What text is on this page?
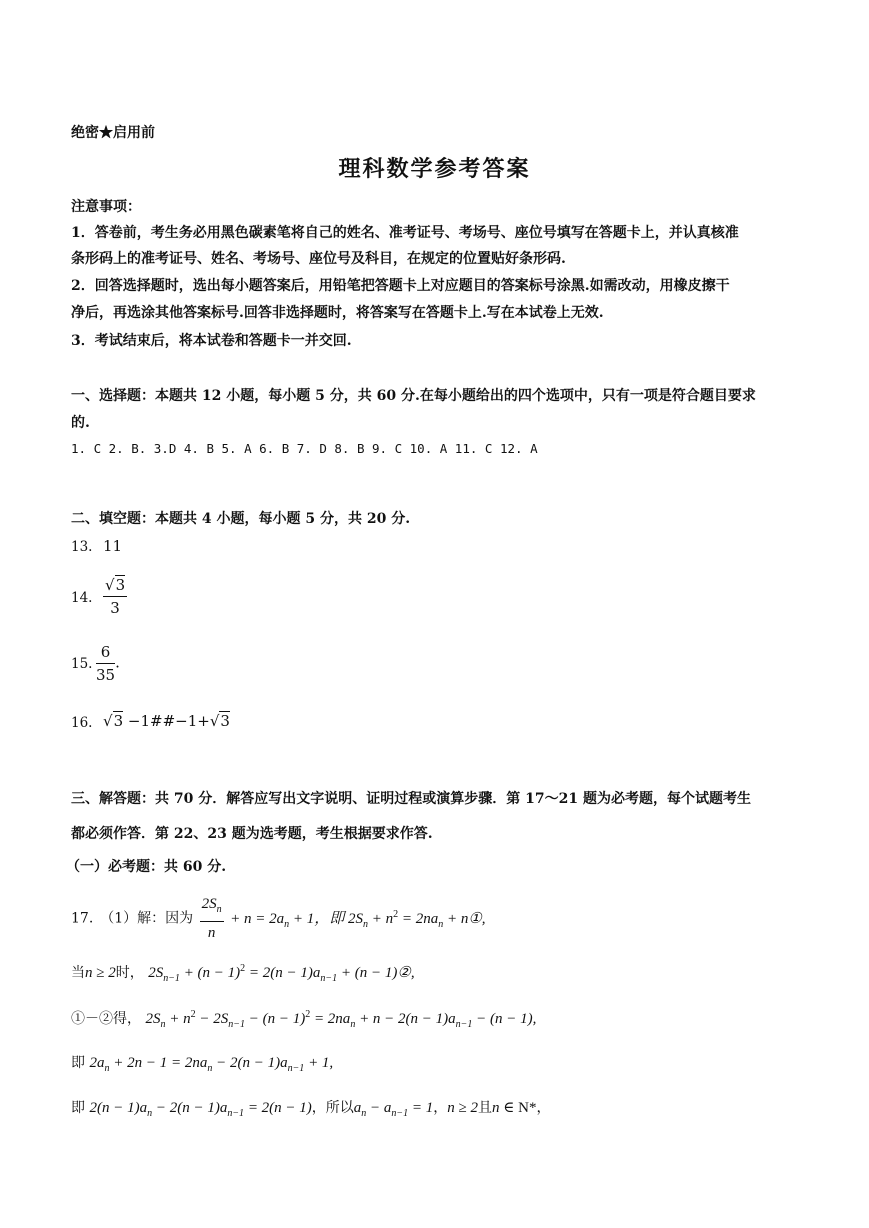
绝密★启用前
理科数学参考答案
注意事项：
1．答卷前，考生务必用黑色碳素笔将自己的姓名、准考证号、考场号、座位号填写在答题卡上，并认真核准
条形码上的准考证号、姓名、考场号、座位号及科目，在规定的位置贴好条形码.
2．回答选择题时，选出每小题答案后，用铅笔把答题卡上对应题目的答案标号涂黑.如需改动，用橡皮擦干
净后，再选涂其他答案标号.回答非选择题时，将答案写在答题卡上.写在本试卷上无效.
3．考试结束后，将本试卷和答题卡一并交回.
一、选择题：本题共 12 小题，每小题 5 分，共 60 分.在每小题给出的四个选项中，只有一项是符合题目要求
的.
1. C 2. B. 3.D 4. B 5. A 6. B 7. D 8. B 9. C 10. A 11. C 12. A
二、填空题：本题共 4 小题，每小题 5 分，共 20 分.
13. 11
14. $\frac{√3}{3}$
15. $\frac{6}{35}$ .
16. √3 −1##−1+√3
三、解答题：共 70 分．解答应写出文字说明、证明过程或演算步骤．第 17～21 题为必考题，每个试题考生
都必须作答．第 22、23 题为选考题，考生根据要求作答.
（一）必考题：共 60 分.
17.　（1）解：因为 $\frac{2S_n}{n} + n = 2a_n + 1$，即 $2S_n + n^2 = 2na_n$ + n①,
当n ≥ 2时， $2S_{n-1} + (n - 1)^2 = 2(n - 1)a_{n-1} + (n$ − 1)②,
①－②得， $2S_n + n^2 - 2S_{n-1} - (n - 1)^2 = 2na_n + n - 2(n - 1)a_{n-1} - (n - 1)$,
即 $2a_n + 2n - 1 = 2na_n - 2(n - 1)a_{n-1} + 1$,
即 $2(n - 1)a_n - 2(n - 1)a_{n-1} = 2(n - 1)$，所以$a_n - a_{n-1} = 1$，n ≥ 2且n ∈ N*，
